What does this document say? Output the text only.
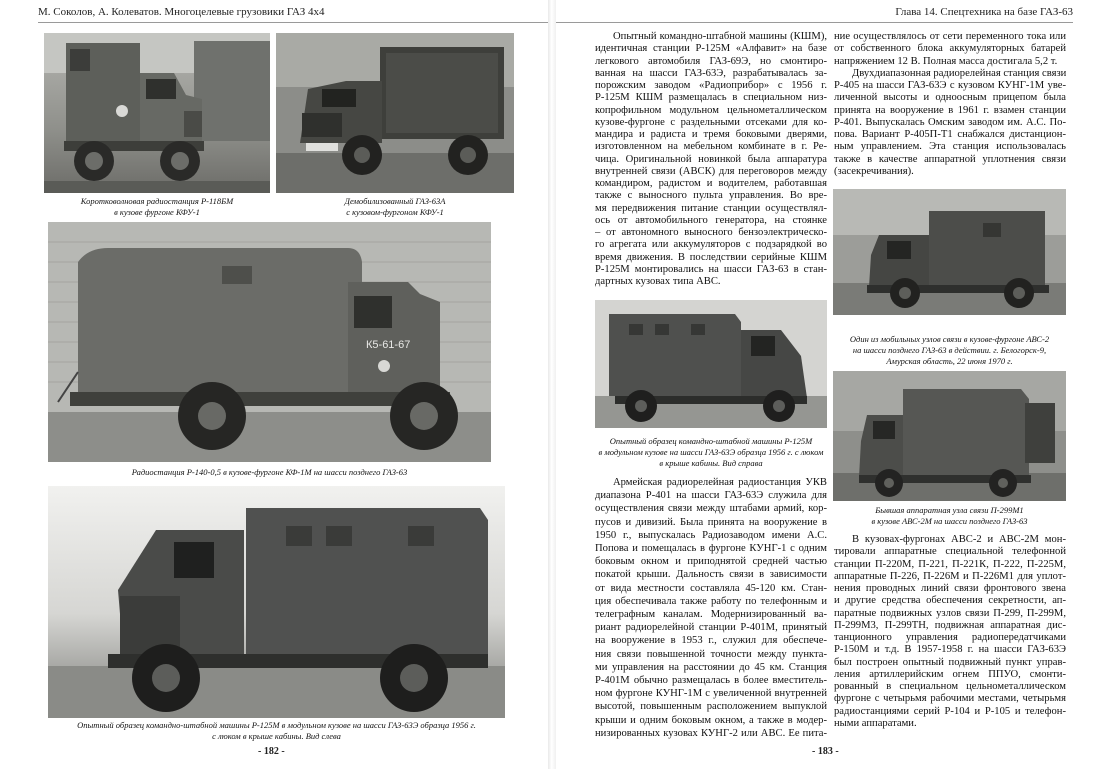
М. Соколов, А. Колеватов. Многоцелевые грузовики ГАЗ 4х4
Коротковолновая радиостанция Р-118БМ
в кузове фургоне КФУ-1
Демобилизованный ГАЗ-63А
с кузовом-фургоном КФУ-1
К5-61-67
Радиостанция Р-140-0,5 в кузове-фургоне КФ-1М на шасси позднего ГАЗ-63
Опытный образец командно-штабной машины Р-125М в модульном кузове на шасси ГАЗ-63Э образца 1956 г.
с люком в крыше кабины. Вид слева
- 182 -
Глава 14. Спецтехника на базе ГАЗ-63
Опытный командно-штабной машины (КШМ),
идентичная станции Р-125М «Алфавит» на базе
легкового автомобиля ГАЗ-69Э, но смонтиро-
ванная на шасси ГАЗ-63Э, разрабатывалась за-
порожским заводом «Радиоприбор» с 1956 г.
Р-125М КШМ размещалась в специальном низ-
копрофильном модульном цельнометаллическом
кузове-фургоне с раздельными отсеками для ко-
мандира и радиста и тремя боковыми дверями,
изготовленном на мебельном комбинате в г. Ре-
чица. Оригинальной новинкой была аппаратура
внутренней связи (АВСК) для переговоров между
командиром, радистом и водителем, работавшая
также с выносного пульта управления. Во вре-
мя передвижения питание станции осуществлял-
ось от автомобильного генератора, на стоянке
– от автономного выносного бензоэлектрическо-
го агрегата или аккумуляторов с подзарядкой во
время движения. В последствии серийные КШМ
Р-125М монтировались на шасси ГАЗ-63 в стан-
дартных кузовах типа АВС.
Опытный образец командно-штабной машины Р-125М
в модульном кузове на шасси ГАЗ-63Э образца 1956 г. с люком
в крыше кабины. Вид справа
Армейская радиорелейная радиостанция УКВ
диапазона Р-401 на шасси ГАЗ-63Э служила для
осуществления связи между штабами армий, кор-
пусов и дивизий. Была принята на вооружение в
1950 г., выпускалась Радиозаводом имени А.С.
Попова и помещалась в фургоне КУНГ-1 с одним
боковым окном и приподнятой средней частью
покатой крыши. Дальность связи в зависимости
от вида местности составляла 45-120 км. Стан-
ция обеспечивала также работу по телефонным и
телеграфным каналам. Модернизированный ва-
риант радиорелейной станции Р-401М, принятый
на вооружение в 1953 г., служил для обеспече-
ния связи повышенной точности между пункта-
ми управления на расстоянии до 45 км. Станция
Р-401М обычно размещалась в более вместитель-
ном фургоне КУНГ-1М с увеличенной внутренней
высотой, повышенным расположением выпуклой
крыши и одним боковым окном, а также в модер-
низированных кузовах КУНГ-2 или АВС. Ее пита-
ние осуществлялось от сети переменного тока или
от собственного блока аккумуляторных батарей
напряжением 12 В. Полная масса достигала 5,2 т.
Двухдиапазонная радиорелейная станция связи
Р-405 на шасси ГАЗ-63Э с кузовом КУНГ-1М уве-
личенной высоты и одноосным прицепом была
принята на вооружение в 1961 г. взамен станции
Р-401. Выпускалась Омским заводом им. А.С. По-
пова. Вариант Р-405П-Т1 снабжался дистанцион-
ным управлением. Эта станция использовалась
также в качестве аппаратной уплотнения связи
(засекречивания).
Один из мобильных узлов связи в кузове-фургоне АВС-2
на шасси позднего ГАЗ-63 в действии. г. Белогорск-9,
Амурская область, 22 июня 1970 г.
Бывшая аппаратная узла связи П-299М1
в кузове АВС-2М на шасси позднего ГАЗ-63
В кузовах-фургонах АВС-2 и АВС-2М мон-
тировали аппаратные специальной телефонной
станции П-220М, П-221, П-221К, П-222, П-225М,
аппаратные П-226, П-226М и П-226М1 для уплот-
нения проводных линий связи фронтового звена
и другие средства обеспечения секретности, ап-
паратные подвижных узлов связи П-299, П-299М,
П-299М3, П-299ТН, подвижная аппаратная дис-
танционного управления радиопередатчиками
Р-150М и т.д. В 1957-1958 г. на шасси ГАЗ-63Э
был построен опытный подвижный пункт управ-
ления артиллерийским огнем ППУО, смонти-
рованный в специальном цельнометаллическом
фургоне с четырьмя рабочими местами, четырьмя
радиостанциями серий Р-104 и Р-105 и телефон-
ными аппаратами.
- 183 -
